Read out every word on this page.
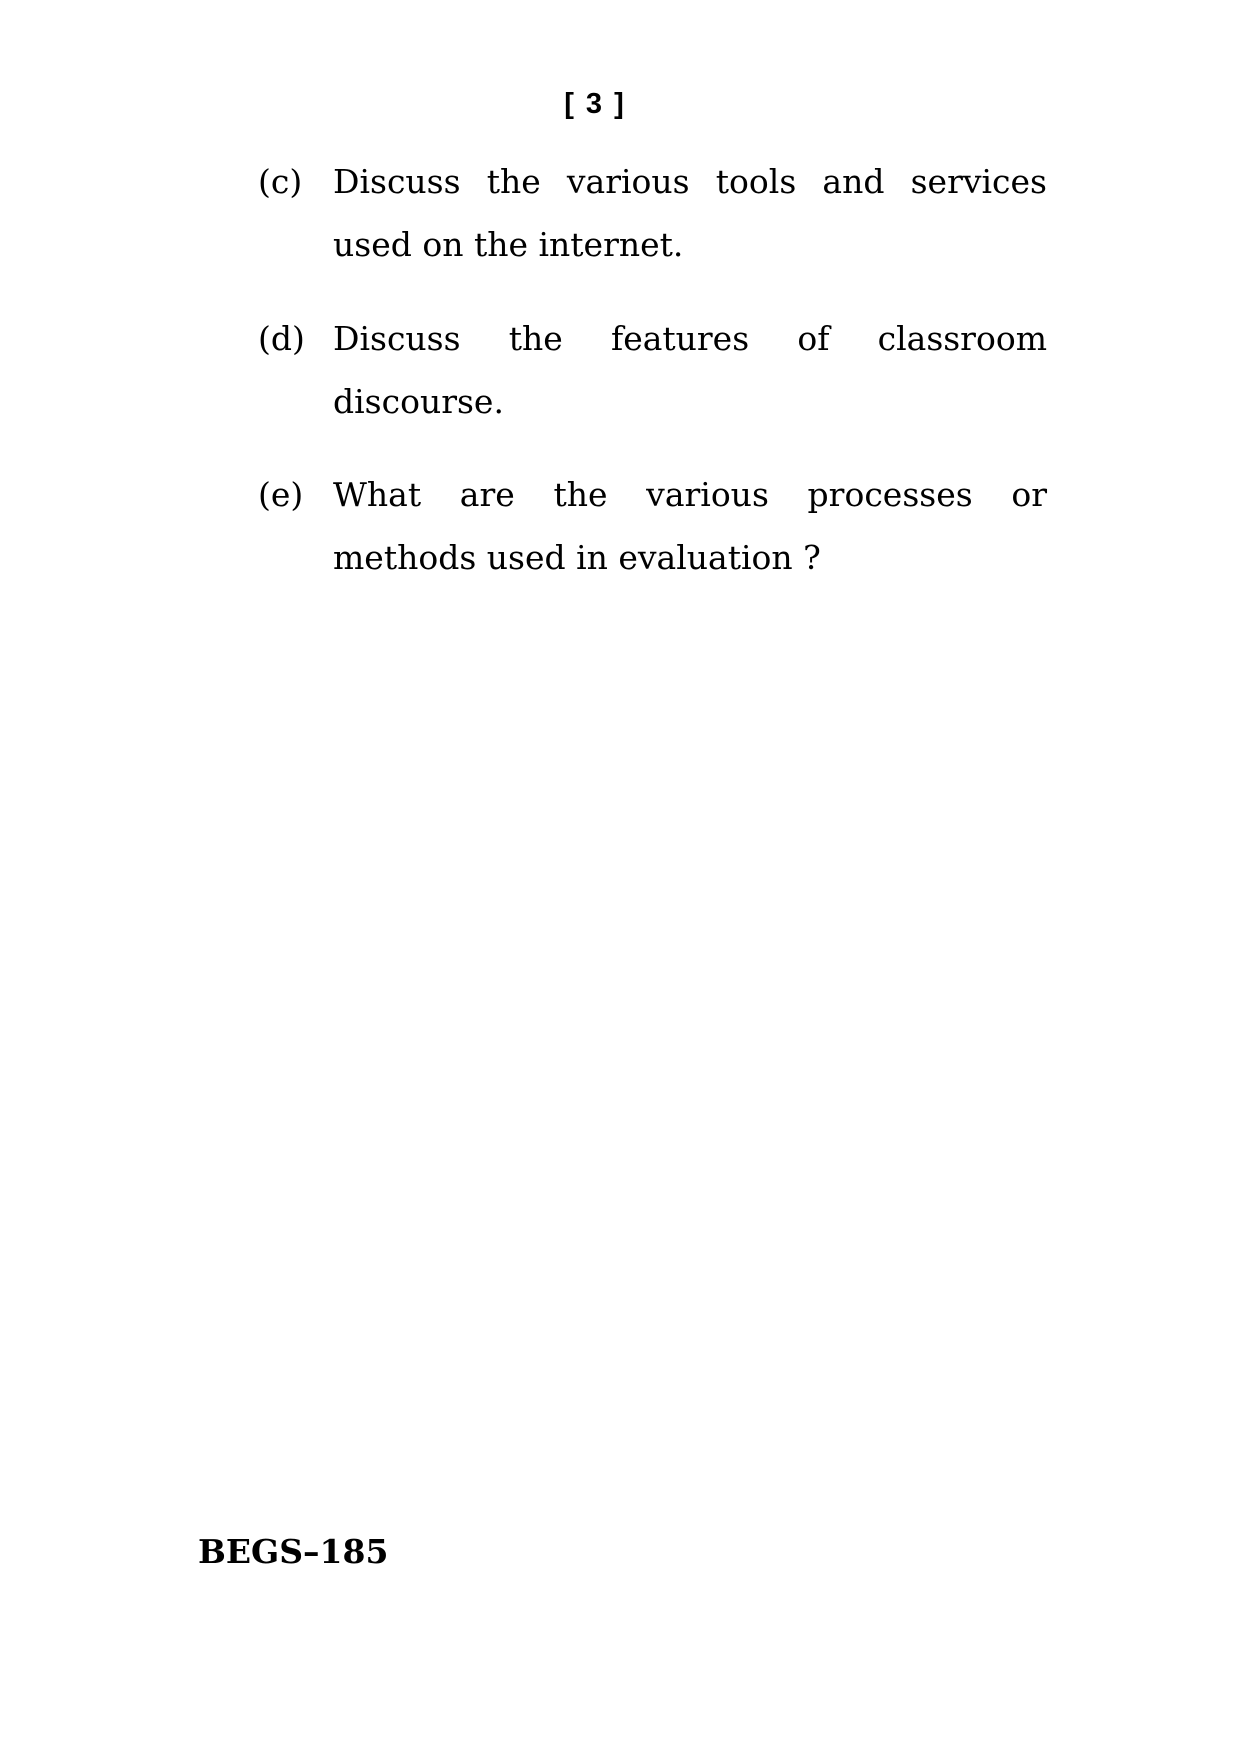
[ 3 ]
(c) Discuss the various tools and services used on the internet.
(d) Discuss the features of classroom discourse.
(e) What are the various processes or methods used in evaluation ?
BEGS–185
